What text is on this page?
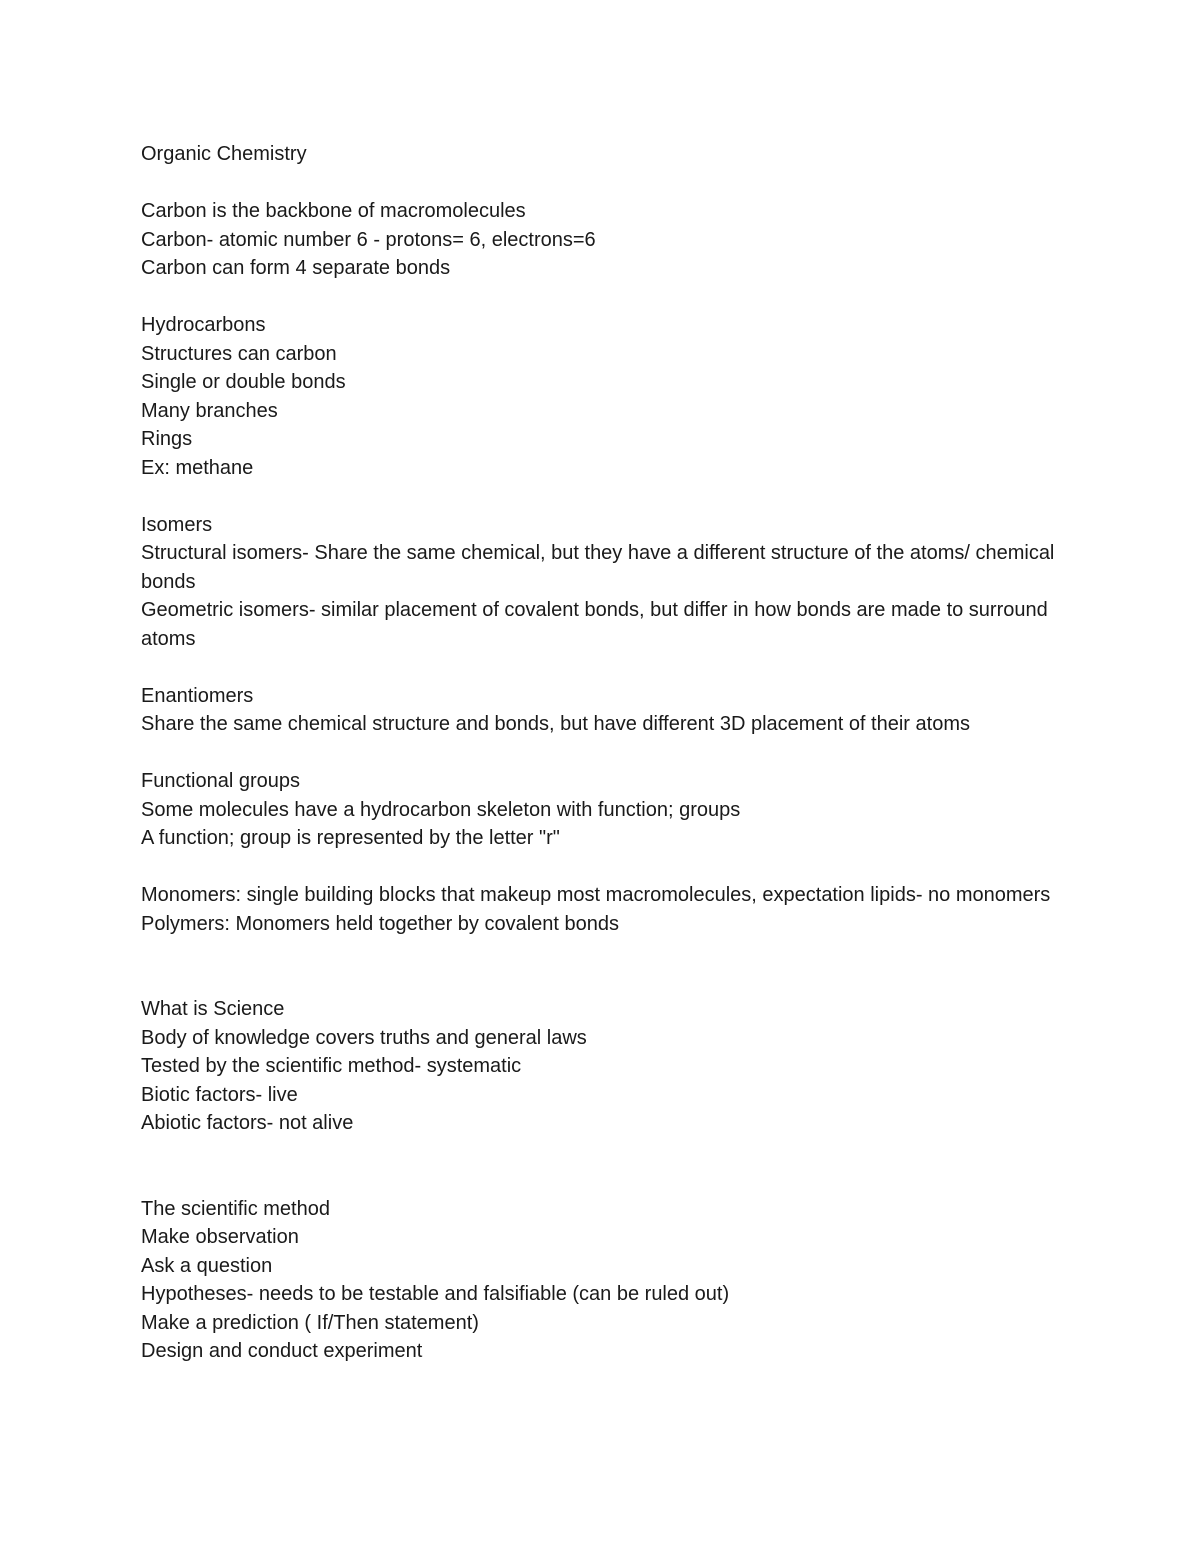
Organic Chemistry

Carbon is the backbone of macromolecules

Carbon- atomic number 6 - protons= 6, electrons=6

Carbon can form 4 separate bonds

Hydrocarbons

Structures can carbon

Single or double bonds

Many branches

Rings

Ex: methane

Isomers

Structural isomers- Share the same chemical, but they have a different structure of the atoms/ chemical bonds

Geometric isomers- similar placement of covalent bonds, but differ in how bonds are made to surround atoms

Enantiomers

Share the same chemical structure and bonds, but have different 3D placement of their atoms

Functional groups

Some molecules have a hydrocarbon skeleton with function; groups

A function; group is represented by the letter "r"

Monomers: single building blocks that makeup most macromolecules, expectation lipids- no monomers

Polymers: Monomers held together by covalent bonds

What is Science

Body of knowledge covers truths and general laws

Tested by the scientific method- systematic

Biotic factors- live

Abiotic factors- not alive

The scientific method

Make observation

Ask a question

Hypotheses- needs to be testable and falsifiable (can be ruled out)

Make a prediction ( If/Then statement)

Design and conduct experiment
